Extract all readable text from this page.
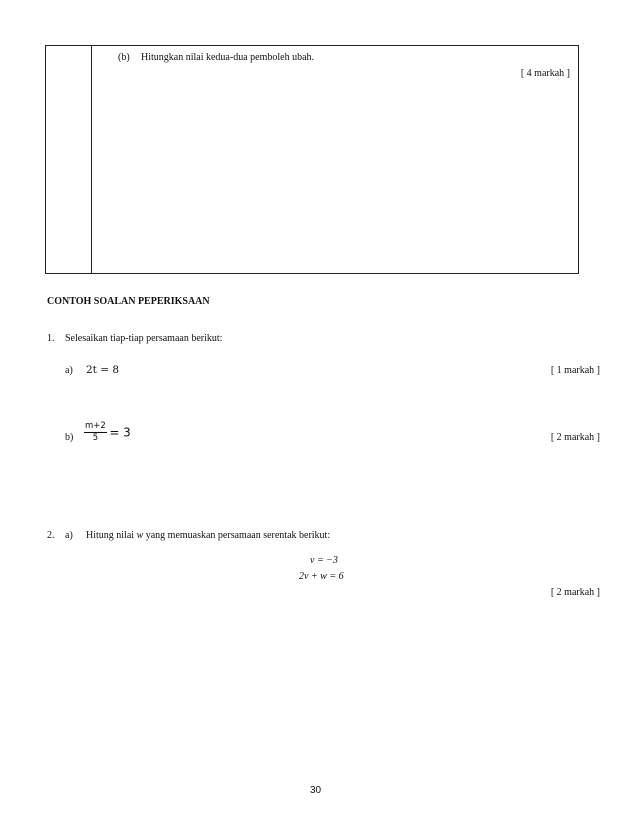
(b) Hitungkan nilai kedua-dua pemboleh ubah.
[ 4 markah ]
CONTOH SOALAN PEPERIKSAAN
1. Selesaikan tiap-tiap persamaan berikut:
a) 2t = 8	[ 1 markah ]
$b) \frac{m+2}{5} = 3$	[ 2 markah ]
2. a) Hitung nilai w yang memuaskan persamaan serentak berikut:
v = −3
2v + w = 6
[ 2 markah ]
30
